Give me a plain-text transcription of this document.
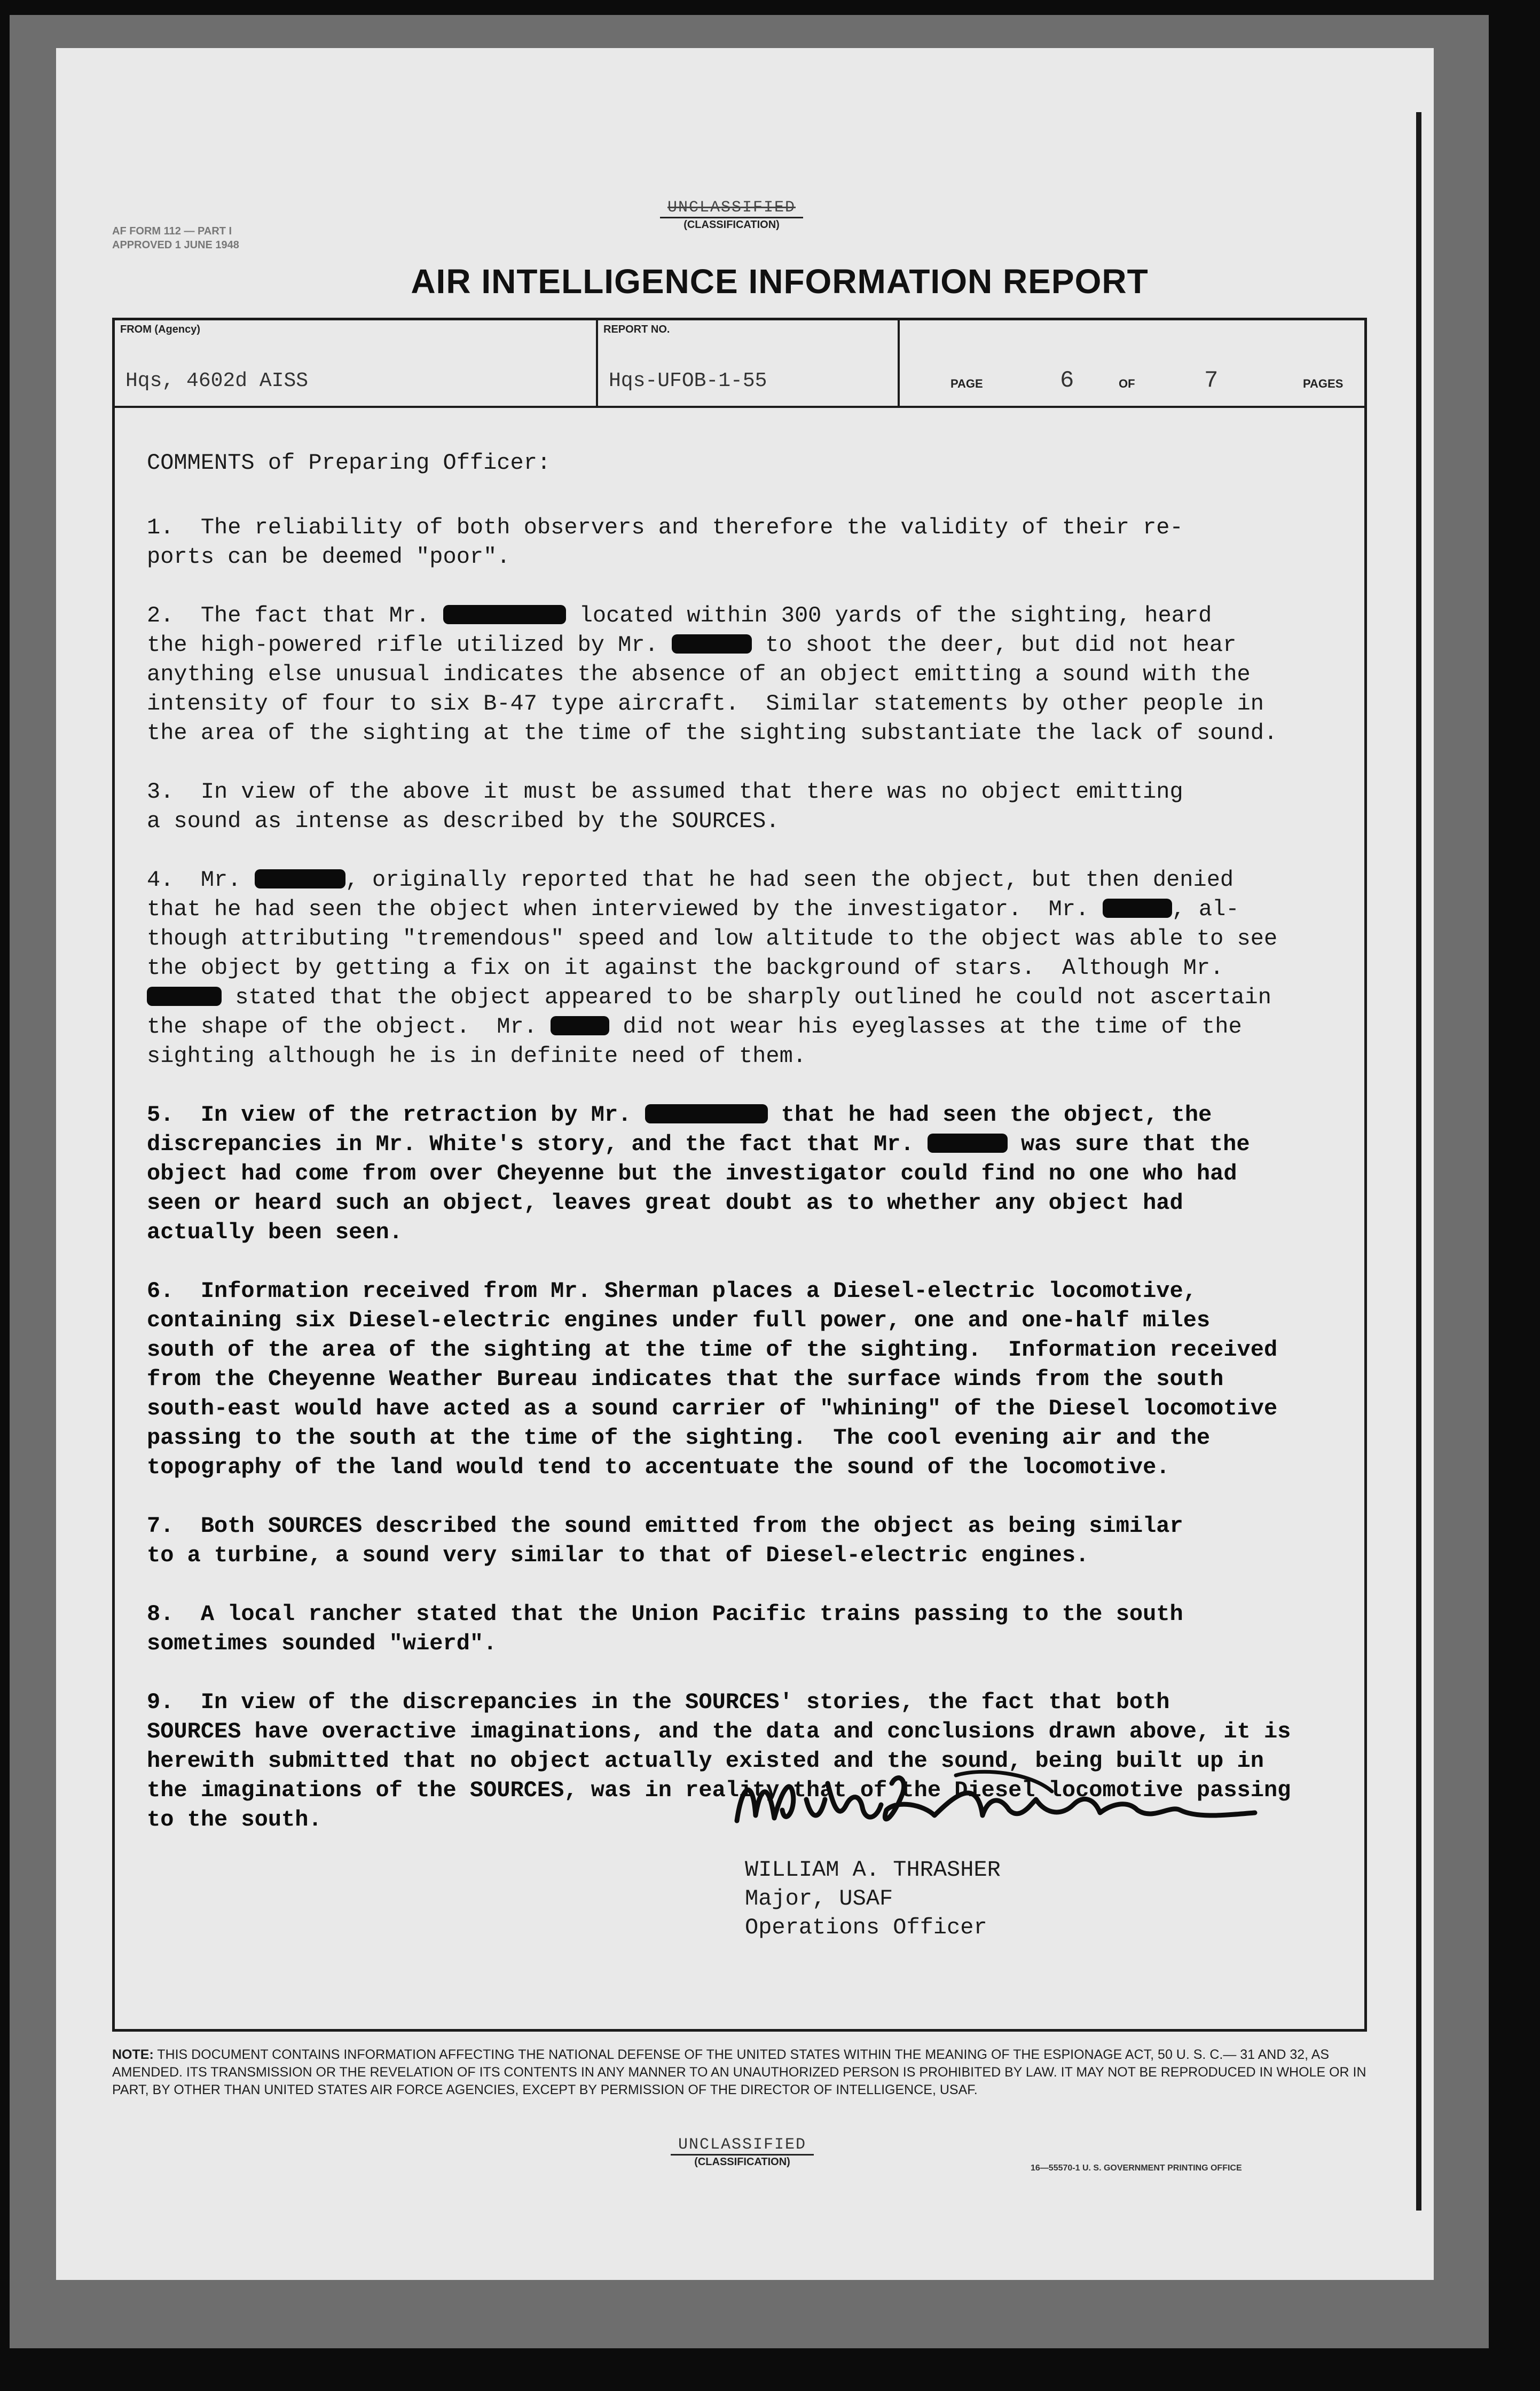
AF FORM 112 — PART I
APPROVED 1 JUNE 1948
UNCLASSIFIED
(CLASSIFICATION)
AIR INTELLIGENCE INFORMATION REPORT
FROM (Agency)
Hqs, 4602d AISS
REPORT NO.
Hqs-UFOB-1-55	PAGE	6	OF	7	PAGES

COMMENTS of Preparing Officer:

1.  The reliability of both observers and therefore the validity of their re-
ports can be deemed "poor".

2.  The fact that Mr.	located within 300 yards of the sighting, heard
the high-powered rifle utilized by Mr.	to shoot the deer, but did not hear
anything else unusual indicates the absence of an object emitting a sound with the
intensity of four to six B-47 type aircraft.  Similar statements by other people in
the area of the sighting at the time of the sighting substantiate the lack of sound.

3.  In view of the above it must be assumed that there was no object emitting
a sound as intense as described by the SOURCES.

4.  Mr.	, originally reported that he had seen the object, but then denied
that he had seen the object when interviewed by the investigator.  Mr.	, al-
though attributing "tremendous" speed and low altitude to the object was able to see
the object by getting a fix on it against the background of stars.  Although Mr.
stated that the object appeared to be sharply outlined he could not ascertain
the shape of the object.  Mr.	did not wear his eyeglasses at the time of the
sighting although he is in definite need of them.

5.  In view of the retraction by Mr.	that he had seen the object, the
discrepancies in Mr. White's story, and the fact that Mr.	was sure that the
object had come from over Cheyenne but the investigator could find no one who had
seen or heard such an object, leaves great doubt as to whether any object had
actually been seen.

6.  Information received from Mr. Sherman places a Diesel-electric locomotive,
containing six Diesel-electric engines under full power, one and one-half miles
south of the area of the sighting at the time of the sighting.  Information received
from the Cheyenne Weather Bureau indicates that the surface winds from the south
south-east would have acted as a sound carrier of "whining" of the Diesel locomotive
passing to the south at the time of the sighting.  The cool evening air and the
topography of the land would tend to accentuate the sound of the locomotive.

7.  Both SOURCES described the sound emitted from the object as being similar
to a turbine, a sound very similar to that of Diesel-electric engines.

8.  A local rancher stated that the Union Pacific trains passing to the south
sometimes sounded "wierd".

9.  In view of the discrepancies in the SOURCES' stories, the fact that both
SOURCES have overactive imaginations, and the data and conclusions drawn above, it is
herewith submitted that no object actually existed and the sound, being built up in
the imaginations of the SOURCES, was in reality that of the Diesel locomotive passing
to the south.

WILLIAM A. THRASHER
Major, USAF
Operations Officer
NOTE: THIS DOCUMENT CONTAINS INFORMATION AFFECTING THE NATIONAL DEFENSE OF THE UNITED STATES WITHIN THE MEANING OF THE ESPIONAGE ACT, 50 U. S. C.— 31 AND 32, AS AMENDED. ITS TRANSMISSION OR THE REVELATION OF ITS CONTENTS IN ANY MANNER TO AN UNAUTHORIZED PERSON IS PROHIBITED BY LAW. IT MAY NOT BE REPRODUCED IN WHOLE OR IN PART, BY OTHER THAN UNITED STATES AIR FORCE AGENCIES, EXCEPT BY PERMISSION OF THE DIRECTOR OF INTELLIGENCE, USAF.
UNCLASSIFIED
(CLASSIFICATION)
16—55570-1 U. S. GOVERNMENT PRINTING OFFICE
